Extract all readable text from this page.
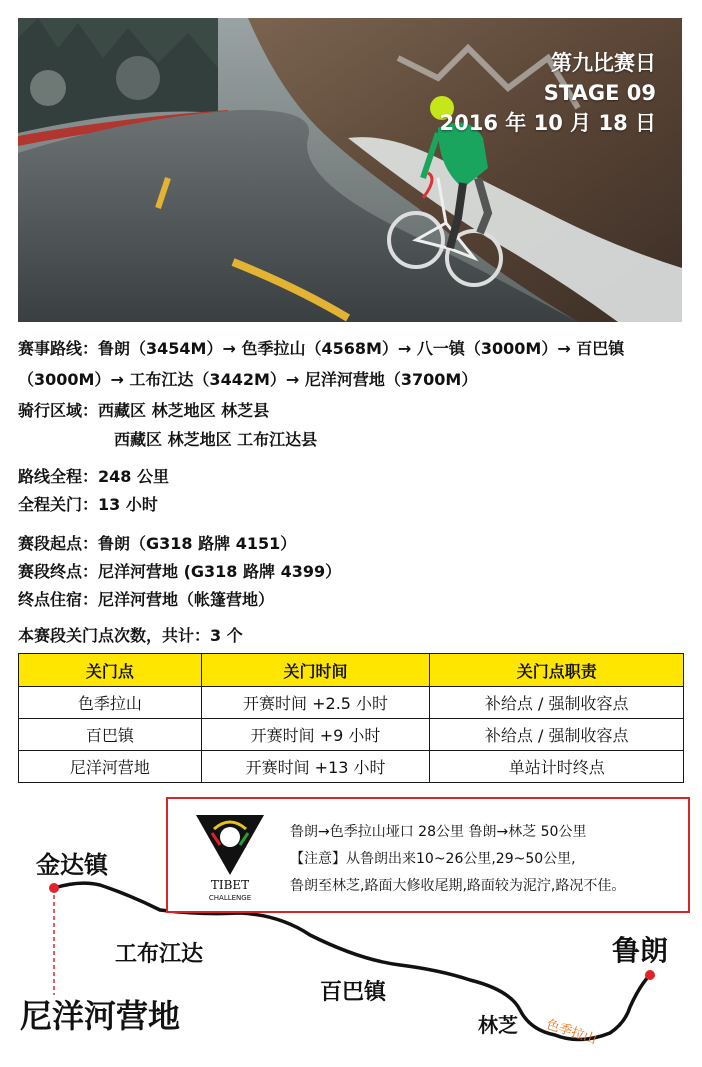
第九比赛日
STAGE 09
2016 年 10 月 18 日
赛事路线：鲁朗（3454M）→ 色季拉山（4568M）→ 八一镇（3000M）→ 百巴镇（3000M）→ 工布江达（3442M）→ 尼洋河营地（3700M）
骑行区域：西藏区 林芝地区 林芝县
西藏区 林芝地区 工布江达县
路线全程：248 公里
全程关门：13 小时
赛段起点：鲁朗（G318 路牌 4151）
赛段终点：尼洋河营地 (G318 路牌 4399）
终点住宿：尼洋河营地（帐篷营地）
本赛段关门点次数，共计：3 个
关门点	关门时间	关门点职责
色季拉山	开赛时间 +2.5 小时	补给点 / 强制收容点
百巴镇	开赛时间 +9 小时	补给点 / 强制收容点
尼洋河营地	开赛时间 +13 小时	单站计时终点
TIBET
CHALLENGE
鲁朗→色季拉山垭口 28公里 鲁朗→林芝 50公里
【注意】从鲁朗出来10~26公里,29~50公里,
鲁朗至林芝,路面大修收尾期,路面较为泥泞,路况不佳。
金达镇
工布江达
百巴镇
尼洋河营地	林芝
鲁朗
色季拉山
